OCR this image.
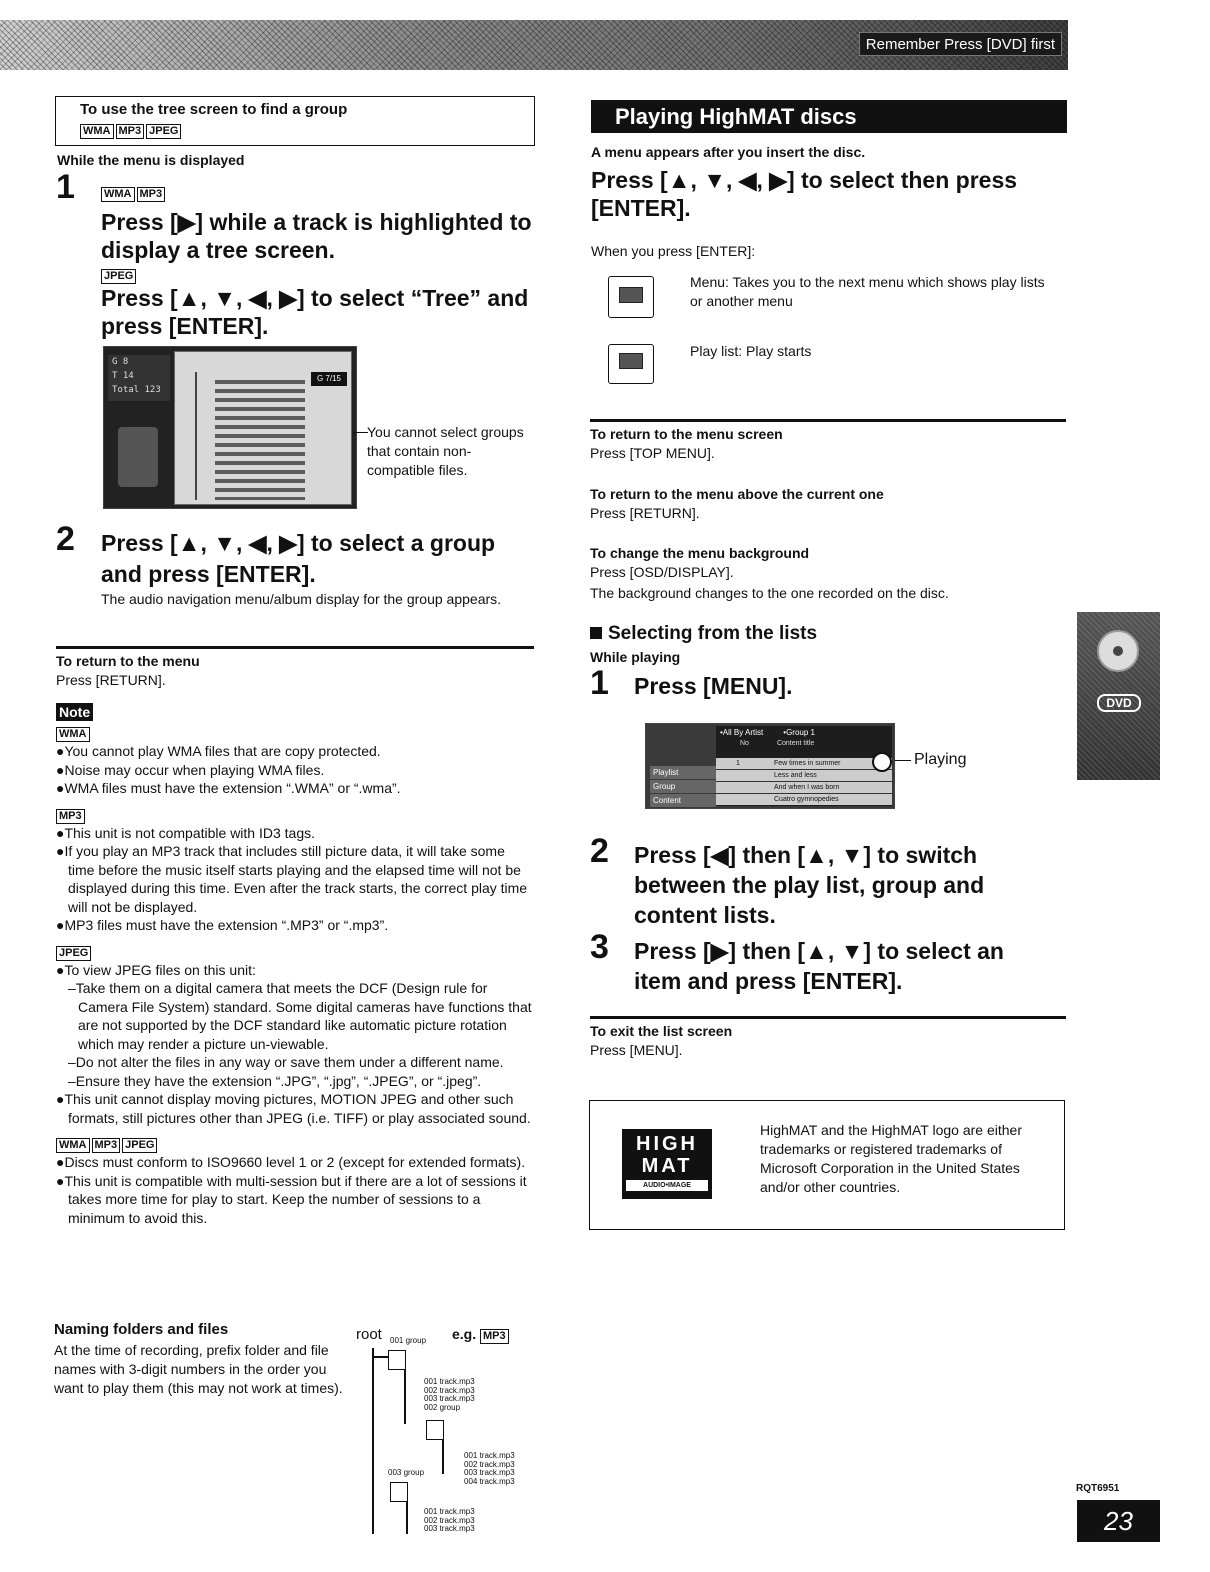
Remember Press [DVD] first
To use the tree screen to find a group
WMA MP3 JPEG
While the menu is displayed
1	WMA MP3
Press [▶] while a track is highlighted to display a tree screen.
JPEG
Press [▲, ▼, ◀, ▶] to select “Tree” and press [ENTER].
G 8
T 14
Total 123
G 7/15
You cannot select groups that contain non-compatible files.
2 Press [▲, ▼, ◀, ▶] to select a group and press [ENTER].
The audio navigation menu/album display for the group appears.
To return to the menu
Press [RETURN].
Note
WMA
●You cannot play WMA files that are copy protected.
●Noise may occur when playing WMA files.
●WMA files must have the extension “.WMA” or “.wma”.
MP3
●This unit is not compatible with ID3 tags.
●If you play an MP3 track that includes still picture data, it will take some time before the music itself starts playing and the elapsed time will not be displayed during this time. Even after the track starts, the correct play time will not be displayed.
●MP3 files must have the extension “.MP3” or “.mp3”.
JPEG
●To view JPEG files on this unit:
–Take them on a digital camera that meets the DCF (Design rule for Camera File System) standard. Some digital cameras have functions that are not supported by the DCF standard like automatic picture rotation which may render a picture un-viewable.
–Do not alter the files in any way or save them under a different name.
–Ensure they have the extension “.JPG”, “.jpg”, “.JPEG”, or “.jpeg”.
●This unit cannot display moving pictures, MOTION JPEG and other such formats, still pictures other than JPEG (i.e. TIFF) or play associated sound.
WMA MP3 JPEG
●Discs must conform to ISO9660 level 1 or 2 (except for extended formats).
●This unit is compatible with multi-session but if there are a lot of sessions it takes more time for play to start. Keep the number of sessions to a minimum to avoid this.
Naming folders and files
At the time of recording, prefix folder and file names with 3-digit numbers in the order you want to play them (this may not work at times).
root	e.g. MP3
001 group
001 track.mp3
002 track.mp3
003 track.mp3
002 group
001 track.mp3
002 track.mp3
003 track.mp3
004 track.mp3
003 group
001 track.mp3
002 track.mp3
003 track.mp3
Playing HighMAT discs
A menu appears after you insert the disc.
Press [▲, ▼, ◀, ▶] to select then press [ENTER].
When you press [ENTER]:
Menu: Takes you to the next menu which shows play lists or another menu
Play list: Play starts
To return to the menu screen
Press [TOP MENU].
To return to the menu above the current one
Press [RETURN].
To change the menu background
Press [OSD/DISPLAY].
The background changes to the one recorded on the disc.
Selecting from the lists
While playing
1 Press [MENU].
Playlist
Group
Content
•All By Artist	•Group 1
No	Content title
1	Few times in summer
Less and less
And when I was born
Cuatro gymnopedies
Playing
2 Press [◀] then [▲, ▼] to switch between the play list, group and content lists.
3 Press [▶] then [▲, ▼] to select an item and press [ENTER].
To exit the list screen
Press [MENU].
HIGH
MAT
AUDIO•IMAGE
HighMAT and the HighMAT logo are either trademarks or registered trademarks of Microsoft Corporation in the United States and/or other countries.
DVD
RQT6951
23
